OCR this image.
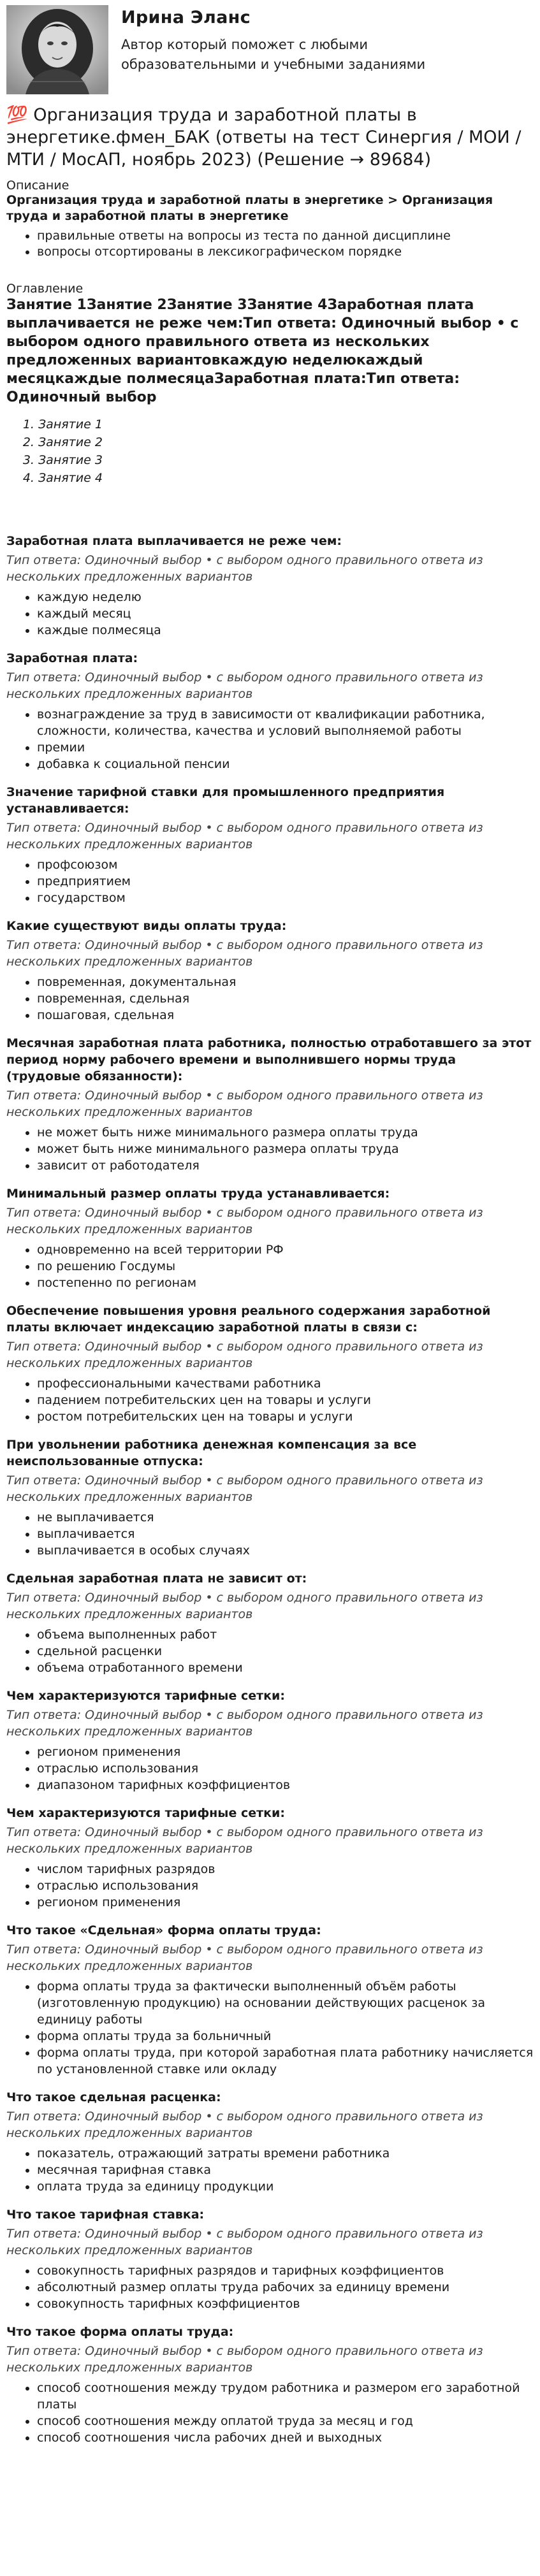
Ирина Эланс
Автор который поможет с любыми образовательными и учебными заданиями
💯 Организация труда и заработной платы в энергетике.фмен_БАК (ответы на тест Синергия / МОИ / МТИ / МосАП, ноябрь 2023) (Решение → 89684)

Описание

Организация труда и заработной платы в энергетике > Организация труда и заработной платы в энергетике

• правильные ответы на вопросы из теста по данной дисциплине
• вопросы отсортированы в лексикографическом порядке

Оглавление

Занятие 1Занятие 2Занятие 3Занятие 4Заработная плата выплачивается не реже чем:Тип ответа: Одиночный выбор • с выбором одного правильного ответа из нескольких предложенных вариантовкаждую неделюкаждый месяцкаждые полмесяцаЗаработная плата:Тип ответа: Одиночный выбор

1. Занятие 1
2. Занятие 2
3. Занятие 3
4. Занятие 4

Заработная плата выплачивается не реже чем:

Тип ответа: Одиночный выбор • с выбором одного правильного ответа из нескольких предложенных вариантов

• каждую неделю
• каждый месяц
• каждые полмесяца

Заработная плата:

Тип ответа: Одиночный выбор • с выбором одного правильного ответа из нескольких предложенных вариантов

• вознаграждение за труд в зависимости от квалификации работника, сложности, количества, качества и условий выполняемой работы
• премии
• добавка к социальной пенсии

Значение тарифной ставки для промышленного предприятия устанавливается:

Тип ответа: Одиночный выбор • с выбором одного правильного ответа из нескольких предложенных вариантов

• профсоюзом
• предприятием
• государством

Какие существуют виды оплаты труда:

Тип ответа: Одиночный выбор • с выбором одного правильного ответа из нескольких предложенных вариантов

• повременная, документальная
• повременная, сдельная
• пошаговая, сдельная

Месячная заработная плата работника, полностью отработавшего за этот период норму рабочего времени и выполнившего нормы труда (трудовые обязанности):

Тип ответа: Одиночный выбор • с выбором одного правильного ответа из нескольких предложенных вариантов

• не может быть ниже минимального размера оплаты труда
• может быть ниже минимального размера оплаты труда
• зависит от работодателя

Минимальный размер оплаты труда устанавливается:

Тип ответа: Одиночный выбор • с выбором одного правильного ответа из нескольких предложенных вариантов

• одновременно на всей территории РФ
• по решению Госдумы
• постепенно по регионам

Обеспечение повышения уровня реального содержания заработной платы включает индексацию заработной платы в связи с:

Тип ответа: Одиночный выбор • с выбором одного правильного ответа из нескольких предложенных вариантов

• профессиональными качествами работника
• падением потребительских цен на товары и услуги
• ростом потребительских цен на товары и услуги

При увольнении работника денежная компенсация за все неиспользованные отпуска:

Тип ответа: Одиночный выбор • с выбором одного правильного ответа из нескольких предложенных вариантов

• не выплачивается
• выплачивается
• выплачивается в особых случаях

Сдельная заработная плата не зависит от:

Тип ответа: Одиночный выбор • с выбором одного правильного ответа из нескольких предложенных вариантов

• объема выполненных работ
• сдельной расценки
• объема отработанного времени

Чем характеризуются тарифные сетки:

Тип ответа: Одиночный выбор • с выбором одного правильного ответа из нескольких предложенных вариантов

• регионом применения
• отраслью использования
• диапазоном тарифных коэффициентов

Чем характеризуются тарифные сетки:

Тип ответа: Одиночный выбор • с выбором одного правильного ответа из нескольких предложенных вариантов

• числом тарифных разрядов
• отраслью использования
• регионом применения

Что такое «Сдельная» форма оплаты труда:

Тип ответа: Одиночный выбор • с выбором одного правильного ответа из нескольких предложенных вариантов

• форма оплаты труда за фактически выполненный объём работы (изготовленную продукцию) на основании действующих расценок за единицу работы
• форма оплаты труда за больничный
• форма оплаты труда, при которой заработная плата работнику начисляется по установленной ставке или окладу

Что такое сдельная расценка:

Тип ответа: Одиночный выбор • с выбором одного правильного ответа из нескольких предложенных вариантов

• показатель, отражающий затраты времени работника
• месячная тарифная ставка
• оплата труда за единицу продукции

Что такое тарифная ставка:

Тип ответа: Одиночный выбор • с выбором одного правильного ответа из нескольких предложенных вариантов

• совокупность тарифных разрядов и тарифных коэффициентов
• абсолютный размер оплаты труда рабочих за единицу времени
• совокупность тарифных коэффициентов

Что такое форма оплаты труда:

Тип ответа: Одиночный выбор • с выбором одного правильного ответа из нескольких предложенных вариантов

• способ соотношения между трудом работника и размером его заработной платы
• способ соотношения между оплатой труда за месяц и год
• способ соотношения числа рабочих дней и выходных
